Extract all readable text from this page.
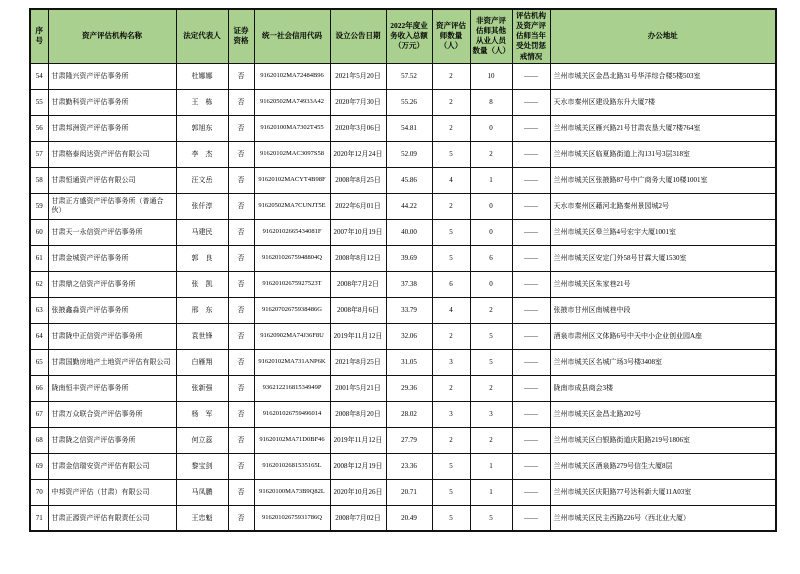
序号	资产评估机构名称	法定代表人	证券资格	统一社会信用代码	设立公告日期	2022年度业务收入总额（万元）	资产评估师数量（人）	非资产评估师其他从业人员数量（人）	评估机构及资产评估师当年受处罚惩戒情况	办公地址
54	甘肃隆兴资产评估事务所	杜娜娜	否	91620102MA72484B96	2021年5月20日	57.52	2	10	——	兰州市城关区金昌北路31号华洋综合楼5楼503室
55	甘肃勤科资产评估事务所	王　栋	否	91620502MA74933A42	2020年7月30日	55.26	2	8	——	天水市秦州区建设路东升大厦7楼
56	甘肃邦洲资产评估事务所	郭旭东	否	91620100MA7302T455	2020年3月06日	54.81	2	0	——	兰州市城关区雁兴路21号甘肃农垦大厦7楼764室
57	甘肃格泰闳达资产评估有限公司	李　杰	否	91620102MAC3097S58	2020年12月24日	52.09	5	2	——	兰州市城关区临夏路街道上沟131号3层318室
58	甘肃恒通资产评估有限公司	汪文岳	否	91620102MACYT4B98F	2008年8月25日	45.86	4	1	——	兰州市城关区张掖路87号中广商务大厦10楼1001室
59	甘肃正方盛资产评估事务所（普通合伙）	张仟淳	否	91620502MA7CUNJT5E	2022年6月01日	44.22	2	0	——	天水市秦州区藉河北路秦州景园城2号
60	甘肃天一永信资产评估事务所	马建民	否	91620102665434081F	2007年10月19日	40.00	5	0	——	兰州市城关区皋兰路4号宏宇大厦1001室
61	甘肃金城资产评估事务所	郭　良	否	91620102675948804Q	2008年8月12日	39.69	5	6	——	兰州市城关区安定门外58号甘霖大厦1530室
62	甘肃鼎之信资产评估事务所	张　凯	否	91620102675927523T	2008年7月2日	37.38	6	0	——	兰州市城关区朱家巷21号
63	张掖鑫淼资产评估事务所	邢　东	否	91620702675938486G	2008年8月6日	33.79	4	2	——	张掖市甘州区南城巷中段
64	甘肃陇中正信资产评估事务所	袁世锋	否	91620902MA74J36F8U	2019年11月12日	32.06	2	5	——	酒泉市肃州区文体路6号中天中小企业创业园A座
65	甘肃国勤房地产土地资产评估有限公司	白雁翔	否	91620102MA731ANP6K	2021年8月25日	31.05	3	5	——	兰州市城关区名城广场3号楼3408室
66	陇南恒丰资产评估事务所	张新强	否	93621221681534949P	2001年5月21日	29.36	2	2	——	陇南市成县商会3楼
67	甘肃万众联合资产评估事务所	杨　军	否	916201026759496014	2008年8月20日	28.02	3	3	——	兰州市城关区金昌北路202号
68	甘肃陇之信资产评估事务所	何立蕊	否	91620102MA71D0BF46	2019年11月12日	27.79	2	2	——	兰州市城关区白银路街道庆阳路219号1806室
69	甘肃金信瑞安资产评估有限公司	黎宝剑	否	91620102681535165L	2008年12月19日	23.36	5	1	——	兰州市城关区酒泉路279号信生大厦8层
70	中邦资产评估（甘肃）有限公司	马凤鹏	否	91620100MA73B9Q82L	2020年10月26日	20.71	5	1	——	兰州市城关区庆阳路77号达科新大厦11A03室
71	甘肃正源资产评估有限责任公司	王忠魁	否	91620102675931786Q	2008年7月02日	20.49	5	5	——	兰州市城关区民主西路226号（西北业大厦）
